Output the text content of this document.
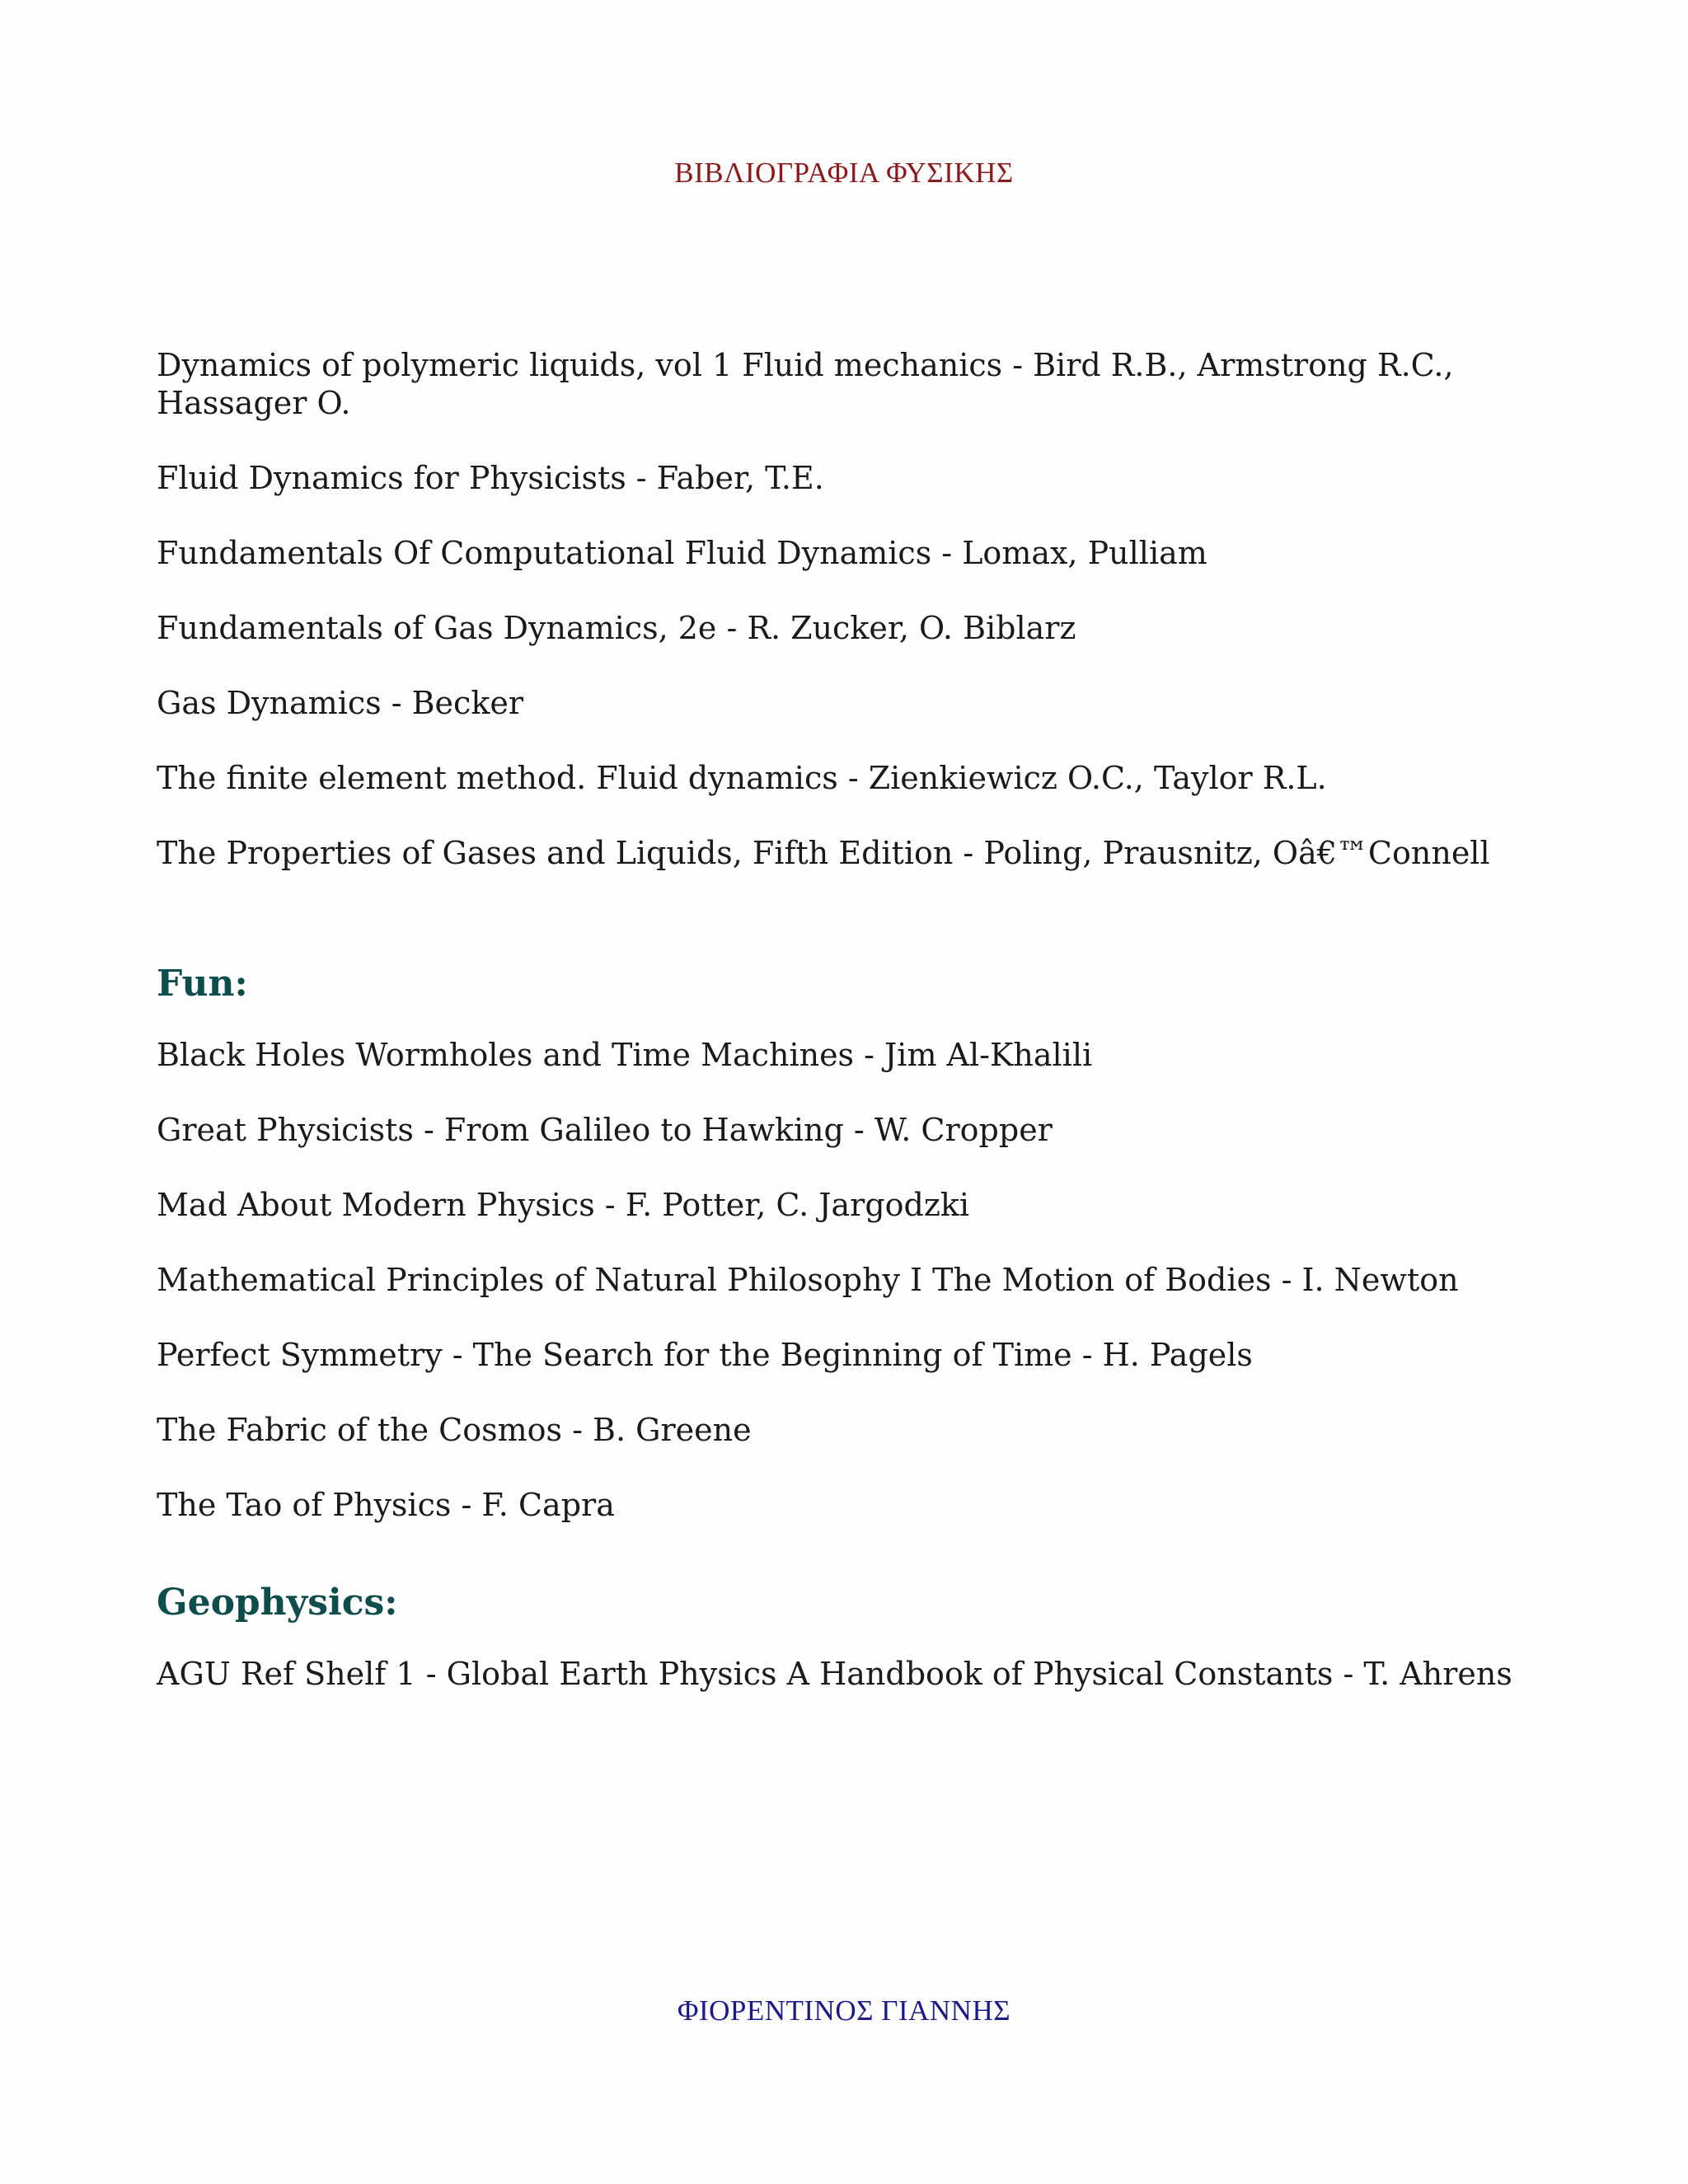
ΒΙΒΛΙΟΓΡΑΦΙΑ ΦΥΣΙΚΗΣ

Dynamics of polymeric liquids, vol 1 Fluid mechanics - Bird R.B., Armstrong R.C., Hassager O.

Fluid Dynamics for Physicists - Faber, T.E.

Fundamentals Of Computational Fluid Dynamics - Lomax, Pulliam

Fundamentals of Gas Dynamics, 2e - R. Zucker, O. Biblarz

Gas Dynamics - Becker

The finite element method. Fluid dynamics - Zienkiewicz O.C., Taylor R.L.

The Properties of Gases and Liquids, Fifth Edition - Poling, Prausnitz, Oâ€™Connell

Fun:

Black Holes Wormholes and Time Machines - Jim Al-Khalili

Great Physicists - From Galileo to Hawking - W. Cropper

Mad About Modern Physics - F. Potter, C. Jargodzki

Mathematical Principles of Natural Philosophy I The Motion of Bodies - I. Newton

Perfect Symmetry - The Search for the Beginning of Time - H. Pagels

The Fabric of the Cosmos - B. Greene

The Tao of Physics - F. Capra

Geophysics:

AGU Ref Shelf 1 - Global Earth Physics A Handbook of Physical Constants - T. Ahrens

ΦΙΟΡΕΝΤΙΝΟΣ ΓΙΑΝΝΗΣ
